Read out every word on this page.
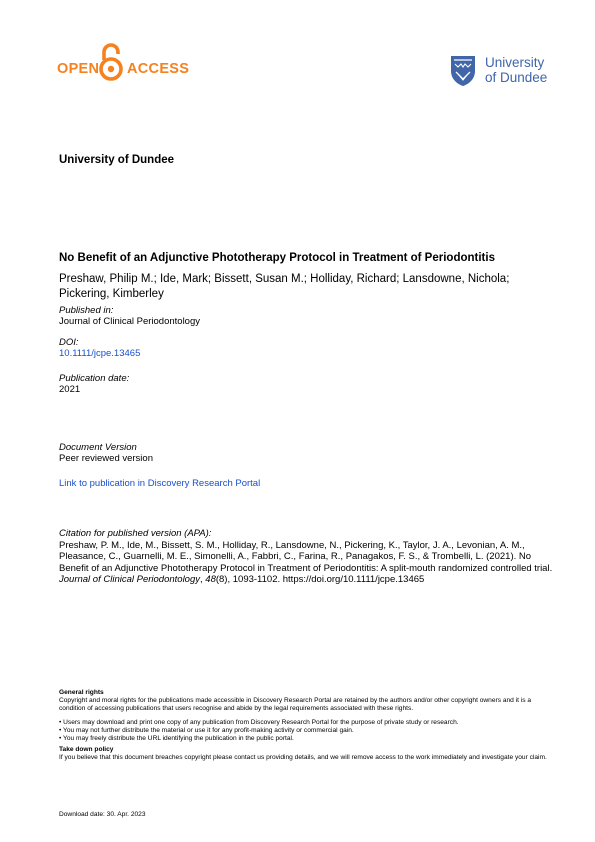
OPEN ACCESS	University
of Dundee
University of Dundee
No Benefit of an Adjunctive Phototherapy Protocol in Treatment of Periodontitis
Preshaw, Philip M.; Ide, Mark; Bissett, Susan M.; Holliday, Richard; Lansdowne, Nichola; Pickering, Kimberley
Published in:
Journal of Clinical Periodontology
DOI:
10.1111/jcpe.13465
Publication date:
2021
Document Version
Peer reviewed version
Link to publication in Discovery Research Portal
Citation for published version (APA):
Preshaw, P. M., Ide, M., Bissett, S. M., Holliday, R., Lansdowne, N., Pickering, K., Taylor, J. A., Levonian, A. M., Pleasance, C., Guarnelli, M. E., Simonelli, A., Fabbri, C., Farina, R., Panagakos, F. S., & Trombelli, L. (2021). No Benefit of an Adjunctive Phototherapy Protocol in Treatment of Periodontitis: A split-mouth randomized controlled trial. Journal of Clinical Periodontology, 48(8), 1093-1102. https://doi.org/10.1111/jcpe.13465
General rights
Copyright and moral rights for the publications made accessible in Discovery Research Portal are retained by the authors and/or other copyright owners and it is a condition of accessing publications that users recognise and abide by the legal requirements associated with these rights.
• Users may download and print one copy of any publication from Discovery Research Portal for the purpose of private study or research.
• You may not further distribute the material or use it for any profit-making activity or commercial gain.
• You may freely distribute the URL identifying the publication in the public portal.
Take down policy
If you believe that this document breaches copyright please contact us providing details, and we will remove access to the work immediately and investigate your claim.
Download date: 30. Apr. 2023
